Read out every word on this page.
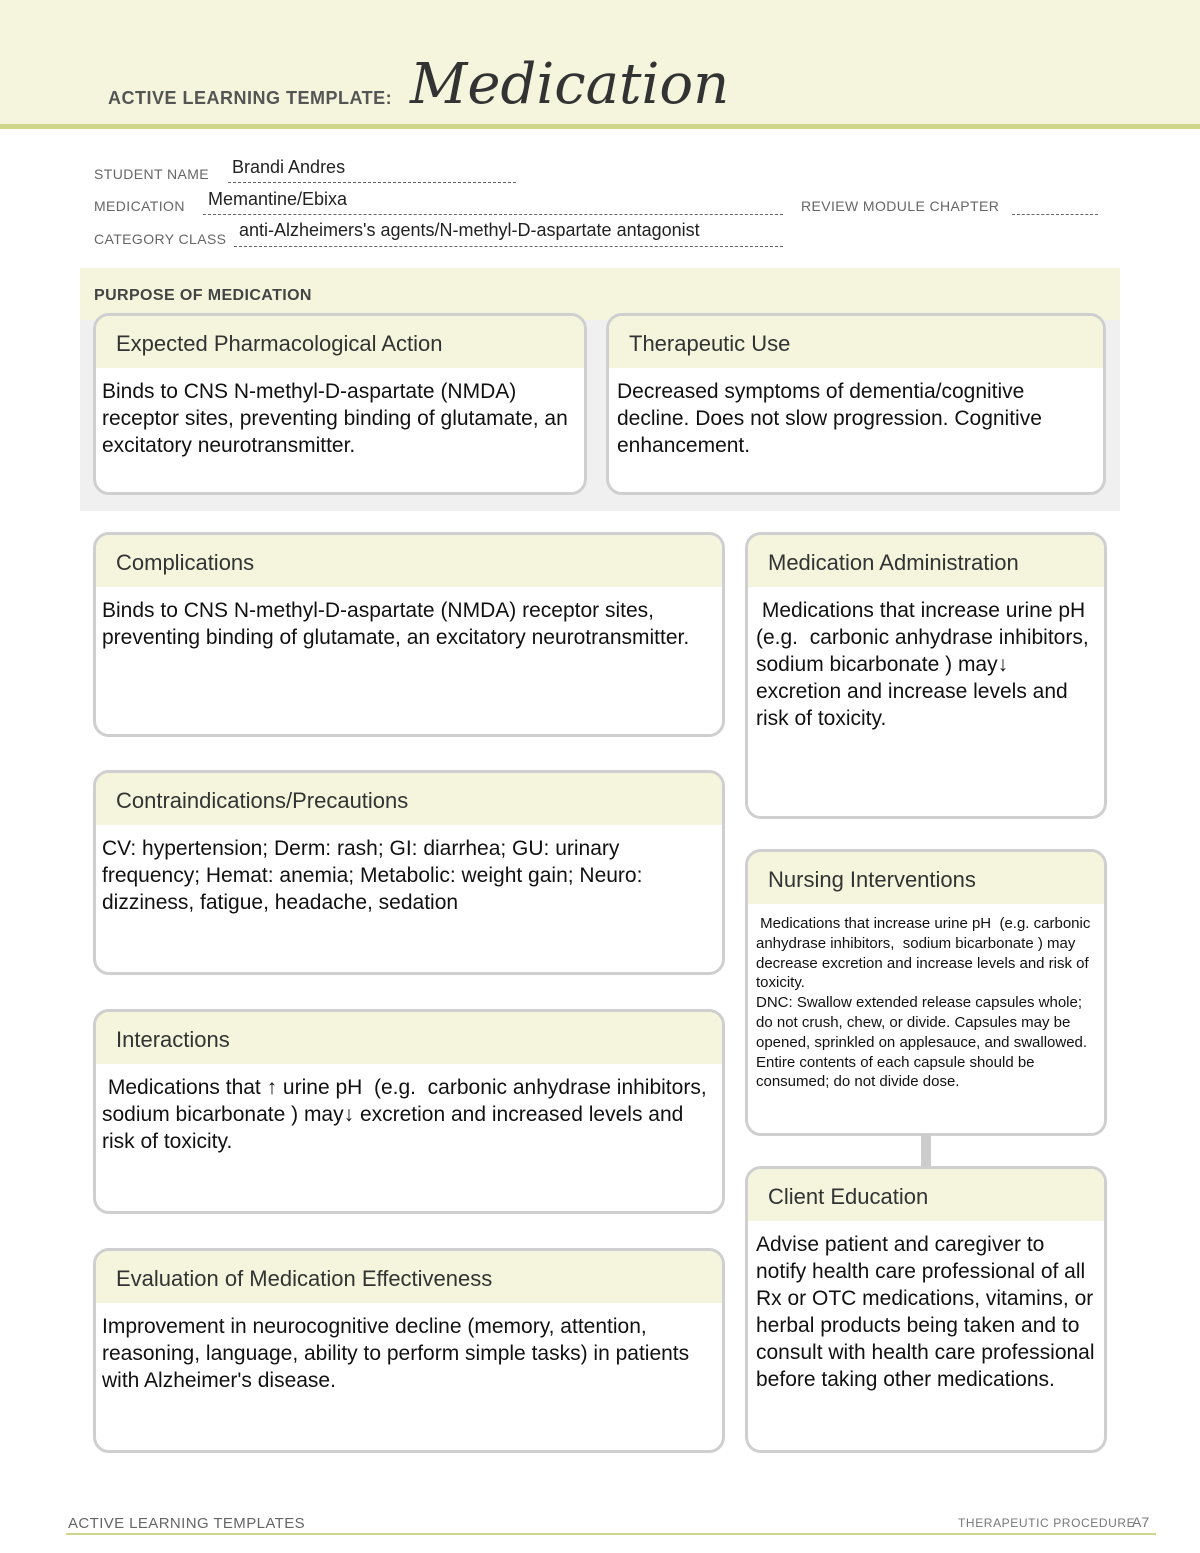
ACTIVE LEARNING TEMPLATE: Medication
STUDENT NAME Brandi Andres
MEDICATION Memantine/Ebixa	REVIEW MODULE CHAPTER
CATEGORY CLASS anti-Alzheimers's agents/N-methyl-D-aspartate antagonist
PURPOSE OF MEDICATION
Expected Pharmacological Action
Binds to CNS N-methyl-D-aspartate (NMDA) receptor sites, preventing binding of glutamate, an excitatory neurotransmitter.
Therapeutic Use
Decreased symptoms of dementia/cognitive decline. Does not slow progression. Cognitive enhancement.
Complications
Binds to CNS N-methyl-D-aspartate (NMDA) receptor sites, preventing binding of glutamate, an excitatory neurotransmitter.
Contraindications/Precautions
CV: hypertension; Derm: rash; GI: diarrhea; GU: urinary frequency; Hemat: anemia; Metabolic: weight gain; Neuro: dizziness, fatigue, headache, sedation
Interactions
Medications that ↑ urine pH  (e.g.  carbonic anhydrase inhibitors,  sodium bicarbonate ) may↓ excretion and increased levels and risk of toxicity.
Evaluation of Medication Effectiveness
Improvement in neurocognitive decline (memory, attention, reasoning, language, ability to perform simple tasks) in patients with Alzheimer's disease.
Medication Administration
Medications that increase urine pH  (e.g.  carbonic anhydrase inhibitors,  sodium bicarbonate ) may↓ excretion and increase levels and risk of toxicity.
Nursing Interventions
Medications that increase urine pH  (e.g. carbonic anhydrase inhibitors,  sodium bicarbonate ) may decrease excretion and increase levels and risk of toxicity.
DNC: Swallow extended release capsules whole; do not crush, chew, or divide. Capsules may be opened, sprinkled on applesauce, and swallowed. Entire contents of each capsule should be consumed; do not divide dose.
Client Education
Advise patient and caregiver to notify health care professional of all Rx or OTC medications, vitamins, or herbal products being taken and to consult with health care professional before taking other medications.
ACTIVE LEARNING TEMPLATES	THERAPEUTIC PROCEDURE
A7
